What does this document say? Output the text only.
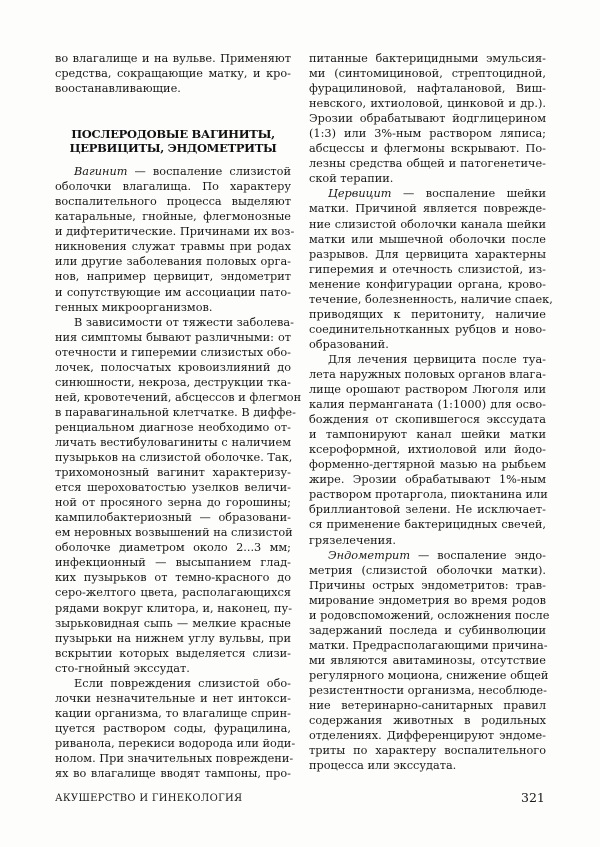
во влагалище и на вульве. Применяют
средства, сокращающие матку, и кро-
воостанавливающие.
ПОСЛЕРОДОВЫЕ ВАГИНИТЫ,
ЦЕРВИЦИТЫ, ЭНДОМЕТРИТЫ
Вагинит — воспаление слизистой
оболочки влагалища. По характеру
воспалительного процесса выделяют
катаральные, гнойные, флегмонозные
и дифтеритические. Причинами их воз-
никновения служат травмы при родах
или другие заболевания половых орга-
нов, например цервицит, эндометрит
и сопутствующие им ассоциации пато-
генных микроорганизмов.
В зависимости от тяжести заболева-
ния симптомы бывают различными: от
отечности и гиперемии слизистых обо-
лочек, полосчатых кровоизлияний до
синюшности, некроза, деструкции тка-
ней, кровотечений, абсцессов и флегмон
в паравагинальной клетчатке. В диффе-
ренциальном диагнозе необходимо от-
личать вестибуловагиниты с наличием
пузырьков на слизистой оболочке. Так,
трихомонозный вагинит характеризу-
ется шероховатостью узелков величи-
ной от просяного зерна до горошины;
кампилобактериозный — образовани-
ем неровных возвышений на слизистой
оболочке диаметром около 2...3 мм;
инфекционный — высыпанием глад-
ких пузырьков от темно-красного до
серо-желтого цвета, располагающихся
рядами вокруг клитора, и, наконец, пу-
зырьковидная сыпь — мелкие красные
пузырьки на нижнем углу вульвы, при
вскрытии которых выделяется слизи-
сто-гнойный экссудат.
Если повреждения слизистой обо-
лочки незначительные и нет интокси-
кации организма, то влагалище сприн-
цуется раствором соды, фурацилина,
риванола, перекиси водорода или йоди-
нолом. При значительных повреждени-
ях во влагалище вводят тампоны, про-
питанные бактерицидными эмульсия-
ми (синтомициновой, стрептоцидной,
фурацилиновой, нафталановой, Виш-
невского, ихтиоловой, цинковой и др.).
Эрозии обрабатывают йодглицерином
(1:3) или 3%-ным раствором ляписа;
абсцессы и флегмоны вскрывают. По-
лезны средства общей и патогенетиче-
ской терапии.
Цервицит — воспаление шейки
матки. Причиной является поврежде-
ние слизистой оболочки канала шейки
матки или мышечной оболочки после
разрывов. Для цервицита характерны
гиперемия и отечность слизистой, из-
менение конфигурации органа, крово-
течение, болезненность, наличие спаек,
приводящих к перитониту, наличие
соединительнотканных рубцов и ново-
образований.
Для лечения цервицита после туа-
лета наружных половых органов влага-
лище орошают раствором Люголя или
калия перманганата (1:1000) для осво-
бождения от скопившегося экссудата
и тампонируют канал шейки матки
ксероформной, ихтиоловой или йодо-
форменно-дегтярной мазью на рыбьем
жире. Эрозии обрабатывают 1%-ным
раствором протаргола, пиоктанина или
бриллиантовой зелени. Не исключает-
ся применение бактерицидных свечей,
грязелечения.
Эндометрит — воспаление эндо-
метрия (слизистой оболочки матки).
Причины острых эндометритов: трав-
мирование эндометрия во время родов
и родовспоможений, осложнения после
задержаний последа и субинволюции
матки. Предрасполагающими причина-
ми являются авитаминозы, отсутствие
регулярного моциона, снижение общей
резистентности организма, несоблюде-
ние ветеринарно-санитарных правил
содержания животных в родильных
отделениях. Дифференцируют эндоме-
триты по характеру воспалительного
процесса или экссудата.
АКУШЕРСТВО И ГИНЕКОЛОГИЯ	321
